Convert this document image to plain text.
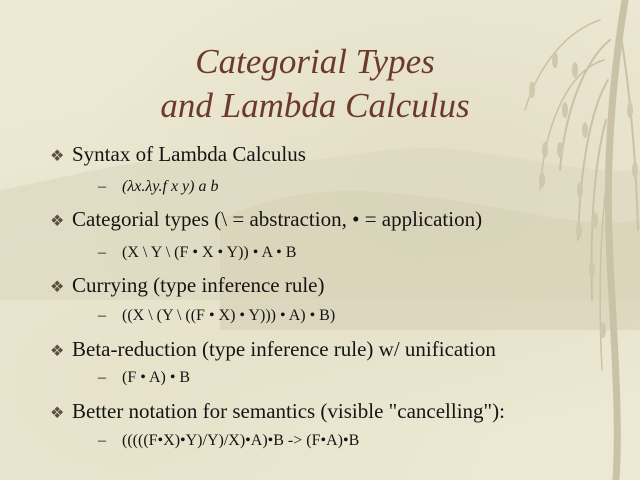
Categorial Types
and Lambda Calculus
❖ Syntax of Lambda Calculus
– (λx.λy.f x y) a b
❖ Categorial types (\ = abstraction, • = application)
– (X \ Y \ (F • X • Y)) • A • B
❖ Currying (type inference rule)
– ((X \ (Y \ ((F • X) • Y))) • A) • B)
❖ Beta-reduction (type inference rule) w/ unification
– (F • A) • B
❖ Better notation for semantics (visible "cancelling"):
– (((((F•X)•Y)/Y)/X)•A)•B -> (F•A)•B
